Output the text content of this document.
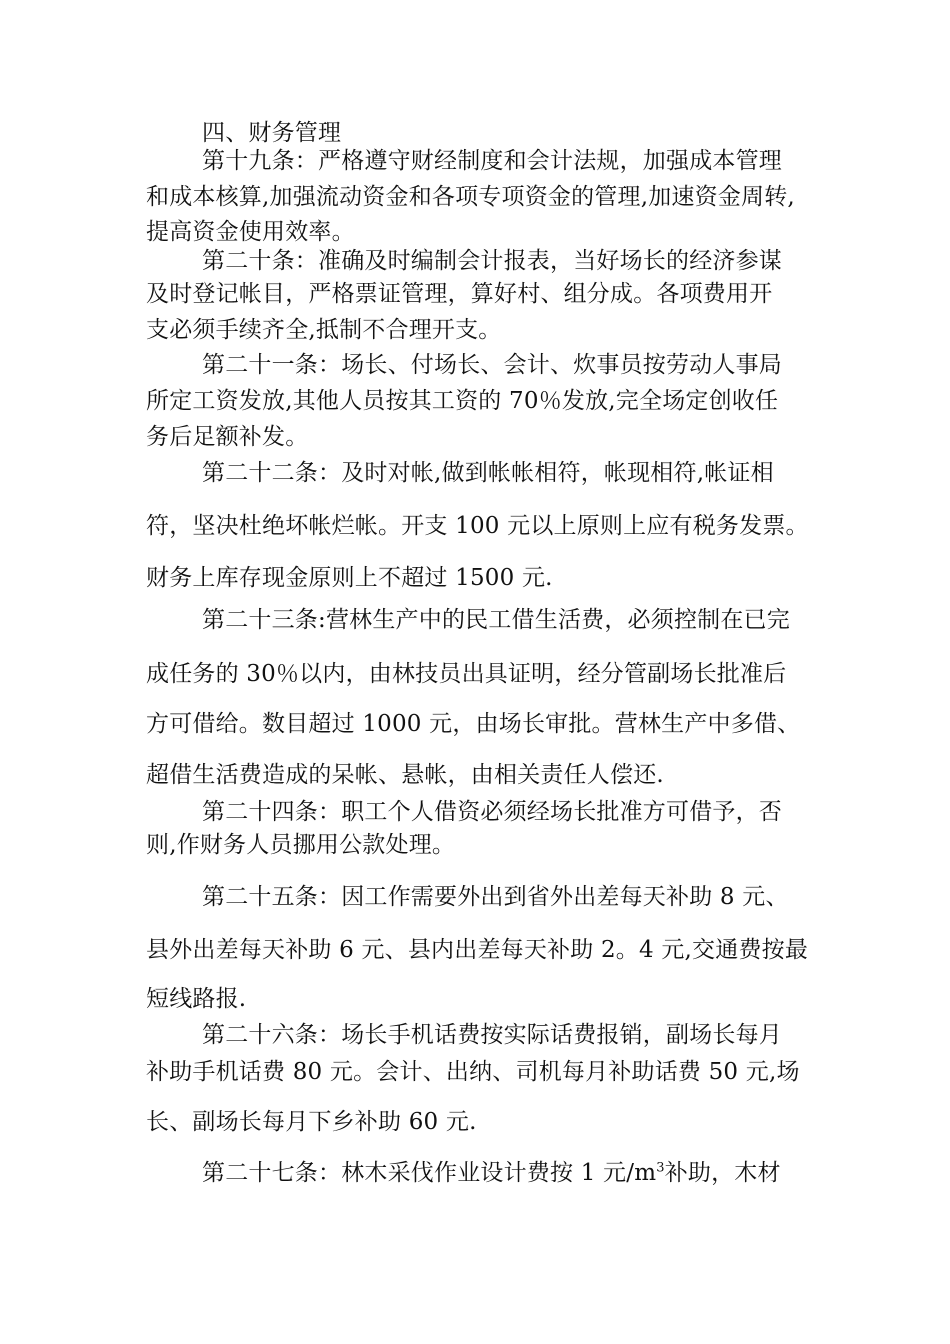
四、财务管理
第十九条：严格遵守财经制度和会计法规，加强成本管理
和成本核算,加强流动资金和各项专项资金的管理,加速资金周转,
提高资金使用效率。
第二十条：准确及时编制会计报表，当好场长的经济参谋
及时登记帐目，严格票证管理，算好村、组分成。各项费用开
支必须手续齐全,抵制不合理开支。
第二十一条：场长、付场长、会计、炊事员按劳动人事局
所定工资发放,其他人员按其工资的 70％发放,完全场定创收任
务后足额补发。
第二十二条：及时对帐,做到帐帐相符，帐现相符,帐证相
符，坚决杜绝坏帐烂帐。开支 100 元以上原则上应有税务发票。
财务上库存现金原则上不超过 1500 元.
第二十三条:营林生产中的民工借生活费，必须控制在已完
成任务的 30％以内，由林技员出具证明，经分管副场长批准后
方可借给。数目超过 1000 元，由场长审批。营林生产中多借、
超借生活费造成的呆帐、悬帐，由相关责任人偿还.
第二十四条：职工个人借资必须经场长批准方可借予，否
则,作财务人员挪用公款处理。
第二十五条：因工作需要外出到省外出差每天补助 8 元、
县外出差每天补助 6 元、县内出差每天补助 2。4 元,交通费按最
短线路报.
第二十六条：场长手机话费按实际话费报销，副场长每月
补助手机话费 80 元。会计、出纳、司机每月补助话费 50 元,场
长、副场长每月下乡补助 60 元.
第二十七条：林木采伐作业设计费按 1 元$/m^3$补助，木材
